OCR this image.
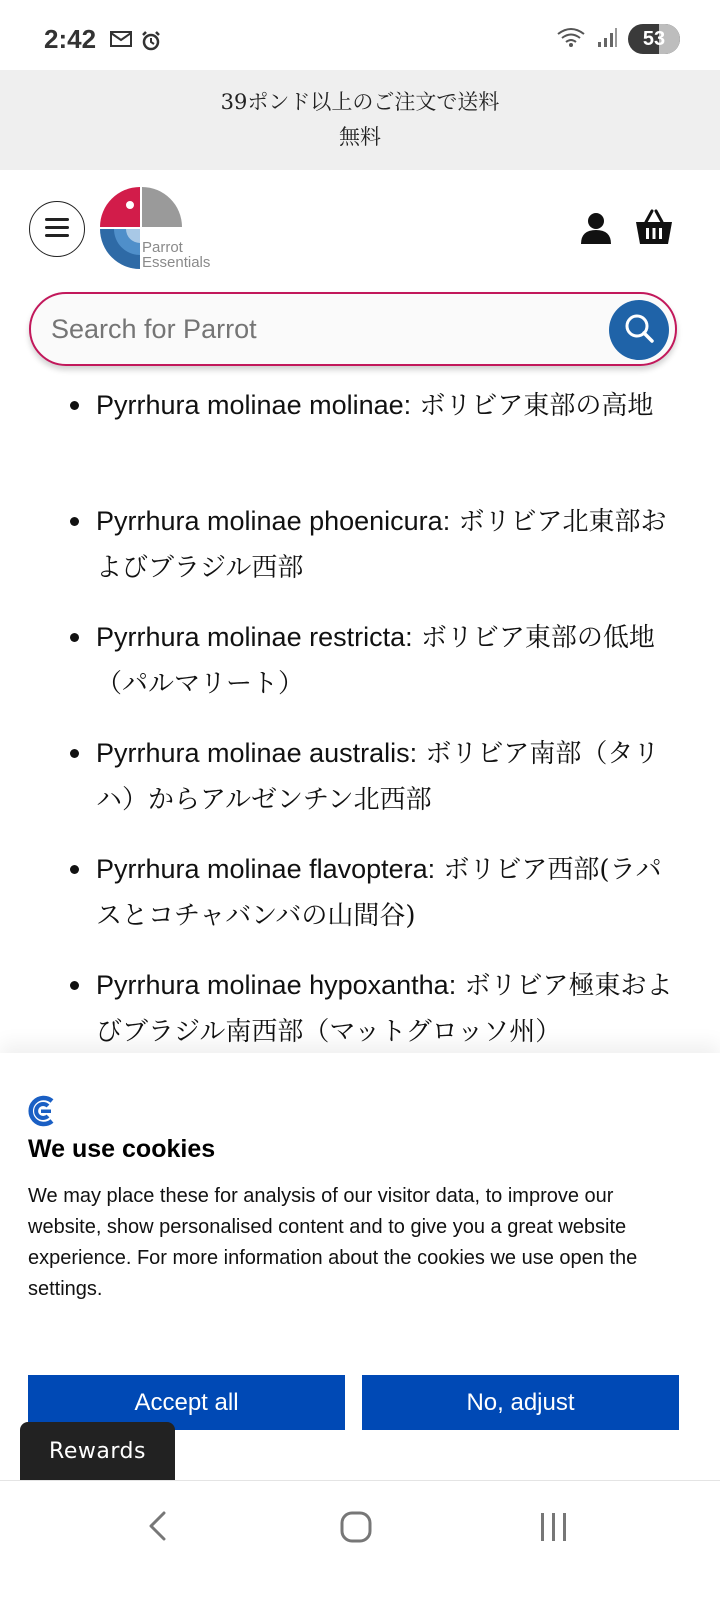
2:42	53
39ポンド以上のご注文で送料
無料
Parrot
Essentials
Search for Parrot
Pyrrhura molinae molinae: ボリビア東部の高地
Pyrrhura molinae phoenicura: ボリビア北東部およびブラジル西部
Pyrrhura molinae restricta: ボリビア東部の低地（パルマリート）
Pyrrhura molinae australis: ボリビア南部（タリハ）からアルゼンチン北西部
Pyrrhura molinae flavoptera: ボリビア西部(ラパスとコチャバンバの山間谷)
Pyrrhura molinae hypoxantha: ボリビア極東およびブラジル南西部（マットグロッソ州）
We use cookies
We may place these for analysis of our visitor data, to improve our website, show personalised content and to give you a great website experience. For more information about the cookies we use open the settings.
Accept all	No, adjust
Rewards
